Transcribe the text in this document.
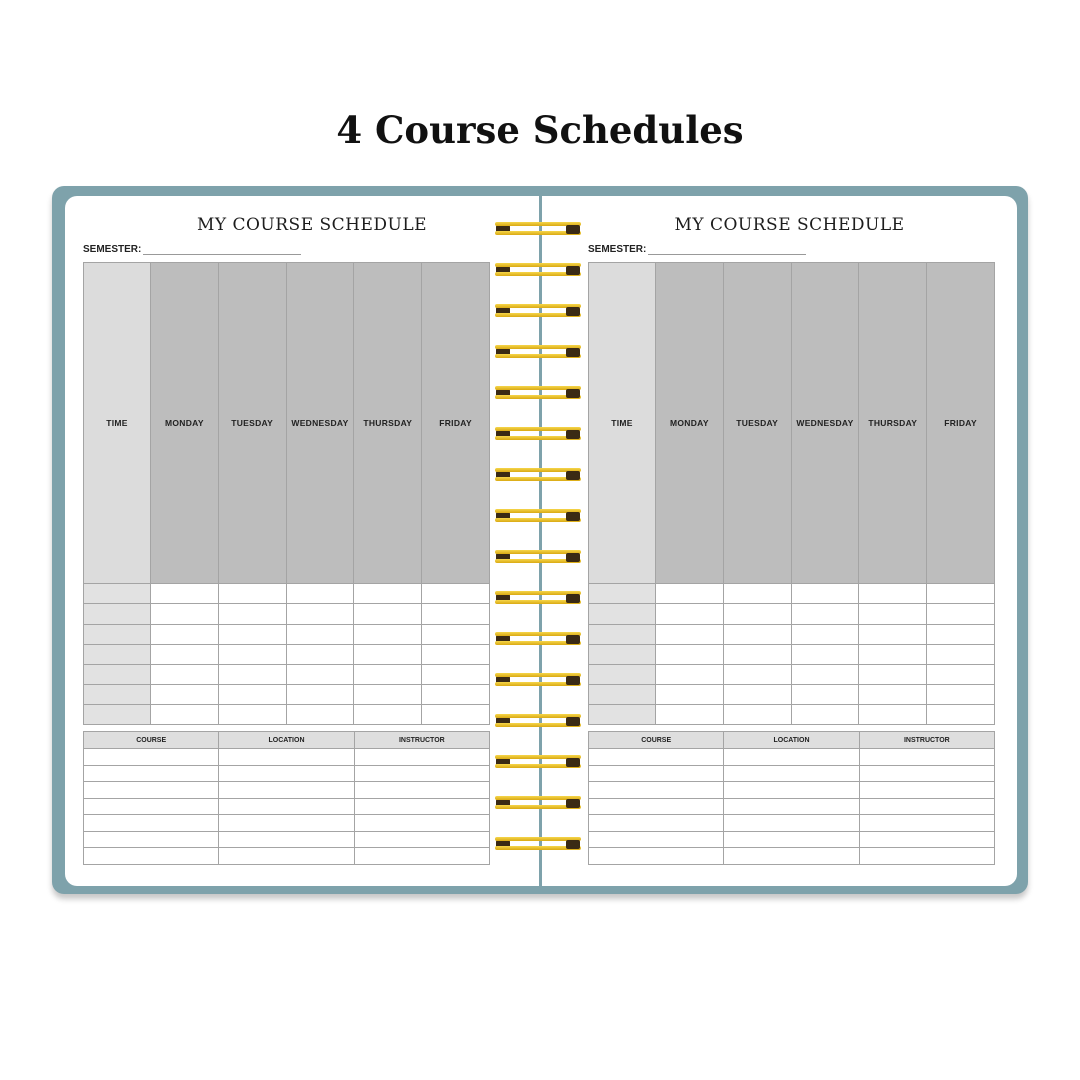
4 Course Schedules
MY COURSE SCHEDULE
SEMESTER:
TIME	MONDAY	TUESDAY	WEDNESDAY	THURSDAY	FRIDAY

COURSE	LOCATION	INSTRUCTOR

MY COURSE SCHEDULE
SEMESTER:
TIME	MONDAY	TUESDAY	WEDNESDAY	THURSDAY	FRIDAY

COURSE	LOCATION	INSTRUCTOR
